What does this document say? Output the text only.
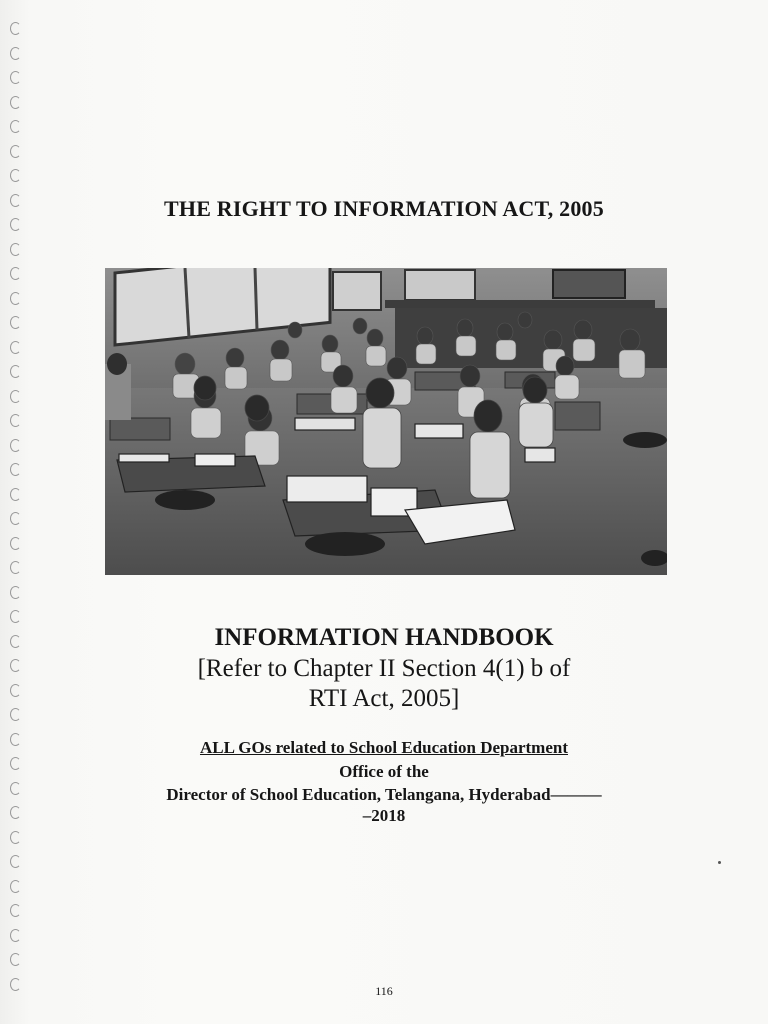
THE RIGHT TO INFORMATION ACT, 2005
INFORMATION HANDBOOK
[Refer to Chapter II Section 4(1) b of
RTI Act, 2005]
ALL GOs related to School Education Department
Office of the
Director of School Education, Telangana, Hyderabad———
–2018
116
